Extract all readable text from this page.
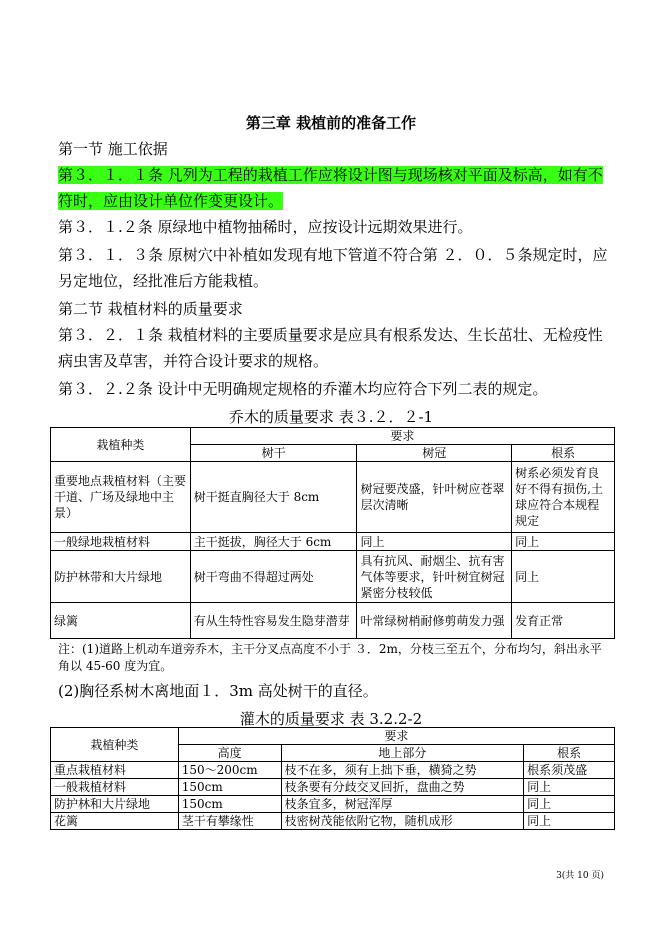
第三章 栽植前的准备工作
第一节 施工依据
第３．１．１条 凡列为工程的栽植工作应将设计图与现场核对平面及标高，如有不
符时，应由设计单位作变更设计。
第３．１.２条 原绿地中植物抽稀时，应按设计远期效果进行。
第３．１．３条 原树穴中补植如发现有地下管道不符合第 ２．０．５条规定时，应
另定地位，经批准后方能栽植。
第二节 栽植材料的质量要求
第３．２．１条 栽植材料的主要质量要求是应具有根系发达、生长茁壮、无检疫性
病虫害及草害，并符合设计要求的规格。
第３．２.２条 设计中无明确规定规格的乔灌木均应符合下列二表的规定。
乔木的质量要求 表３.２．２-1
栽植种类	要求		
	树干	树冠	根系
重要地点栽植材料（主要干道、广场及绿地中主景）	树干挺直胸径大于 8cm	树冠要茂盛，针叶树应苍翠层次清晰	树系必须发育良好不得有损伤,土球应符合本规程规定
一般绿地栽植材料	主干挺拔，胸径大于 6cm	同上	同上
防护林带和大片绿地	树干弯曲不得超过两处	具有抗风、耐烟尘、抗有害气体等要求，针叶树宜树冠紧密分枝较低	同上
绿篱	有从生特性容易发生隐芽潜芽	叶常绿树梢耐修剪萌发力强	发育正常
注：(1)道路上机动车道旁乔木，主干分叉点高度不小于 ３．2m，分枝三至五个，分布均匀，斜出永平角以 45-60 度为宜。
(2)胸径系树木离地面１．3m 高处树干的直径。
灌木的质量要求 表 3.2.2-2
栽植种类	要求		
	高度	地上部分	根系
重点栽植材料	150～200cm	枝不在多，须有上拙下垂，横猗之势	根系须茂盛
一般栽植材料	150cm	枝条要有分歧交叉回折，盘曲之势	同上
防护林和大片绿地	150cm	枝条宜多，树冠浑厚	同上
花篱	茎干有攀缘性	枝密树茂能依附它物，随机成形	同上
3(共 10 页)
